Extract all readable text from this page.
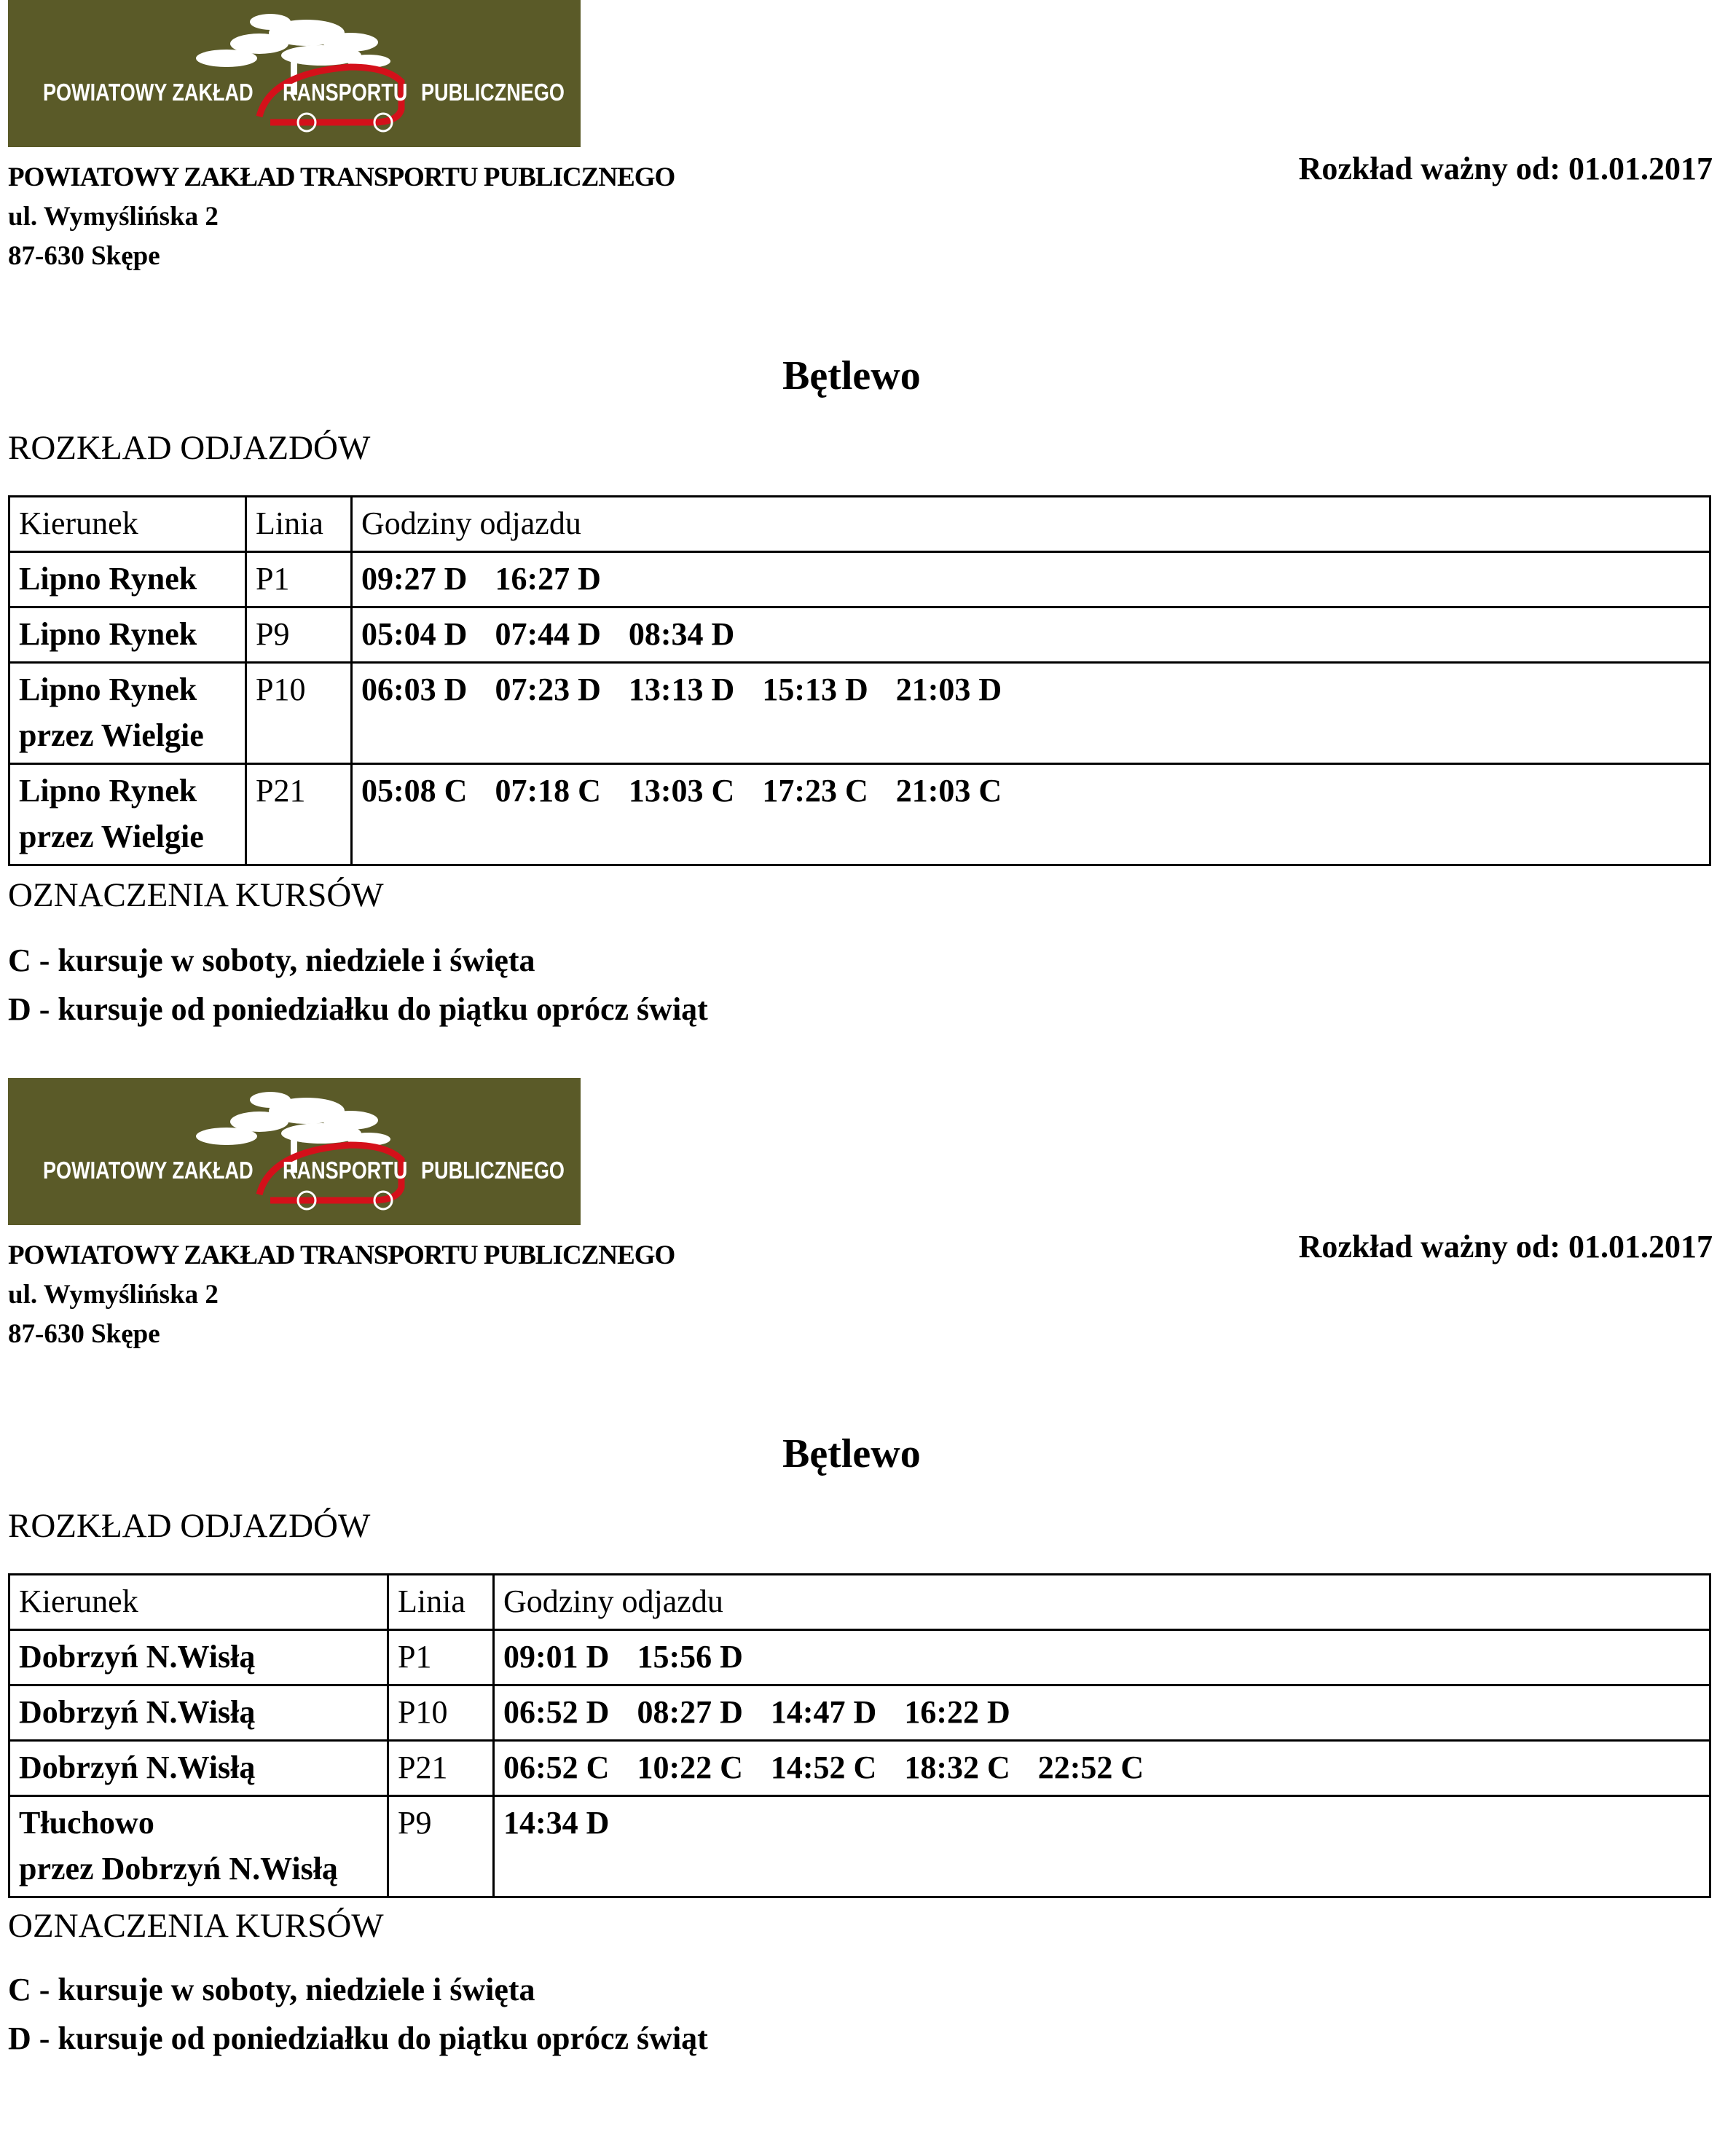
POWIATOWY ZAKŁAD RANSPORTU PUBLICZNEGO
POWIATOWY ZAKŁAD TRANSPORTU PUBLICZNEGO
ul. Wymyślińska 2
87-630 Skępe
Rozkład ważny od: 01.01.2017
Bętlewo
ROZKŁAD ODJAZDÓW
Kierunek	Linia	Godziny odjazdu
Lipno Rynek	P1	09:27 D 16:27 D
Lipno Rynek	P9	05:04 D 07:44 D 08:34 D

Lipno Rynek
przez Wielgie	P10	06:03 D 07:23 D 13:13 D 15:13 D 21:03 D

Lipno Rynek
przez Wielgie	P21	05:08 C 07:18 C 13:03 C 17:23 C 21:03 C
OZNACZENIA KURSÓW
C - kursuje w soboty, niedziele i święta
D - kursuje od poniedziałku do piątku oprócz świąt
POWIATOWY ZAKŁAD RANSPORTU PUBLICZNEGO
POWIATOWY ZAKŁAD TRANSPORTU PUBLICZNEGO
ul. Wymyślińska 2
87-630 Skępe
Rozkład ważny od: 01.01.2017
Bętlewo
ROZKŁAD ODJAZDÓW
Kierunek	Linia	Godziny odjazdu
Dobrzyń N.Wisłą	P1	09:01 D 15:56 D
Dobrzyń N.Wisłą	P10	06:52 D 08:27 D 14:47 D 16:22 D
Dobrzyń N.Wisłą	P21	06:52 C 10:22 C 14:52 C 18:32 C 22:52 C

Tłuchowo
przez Dobrzyń N.Wisłą	P9	14:34 D
OZNACZENIA KURSÓW
C - kursuje w soboty, niedziele i święta
D - kursuje od poniedziałku do piątku oprócz świąt
